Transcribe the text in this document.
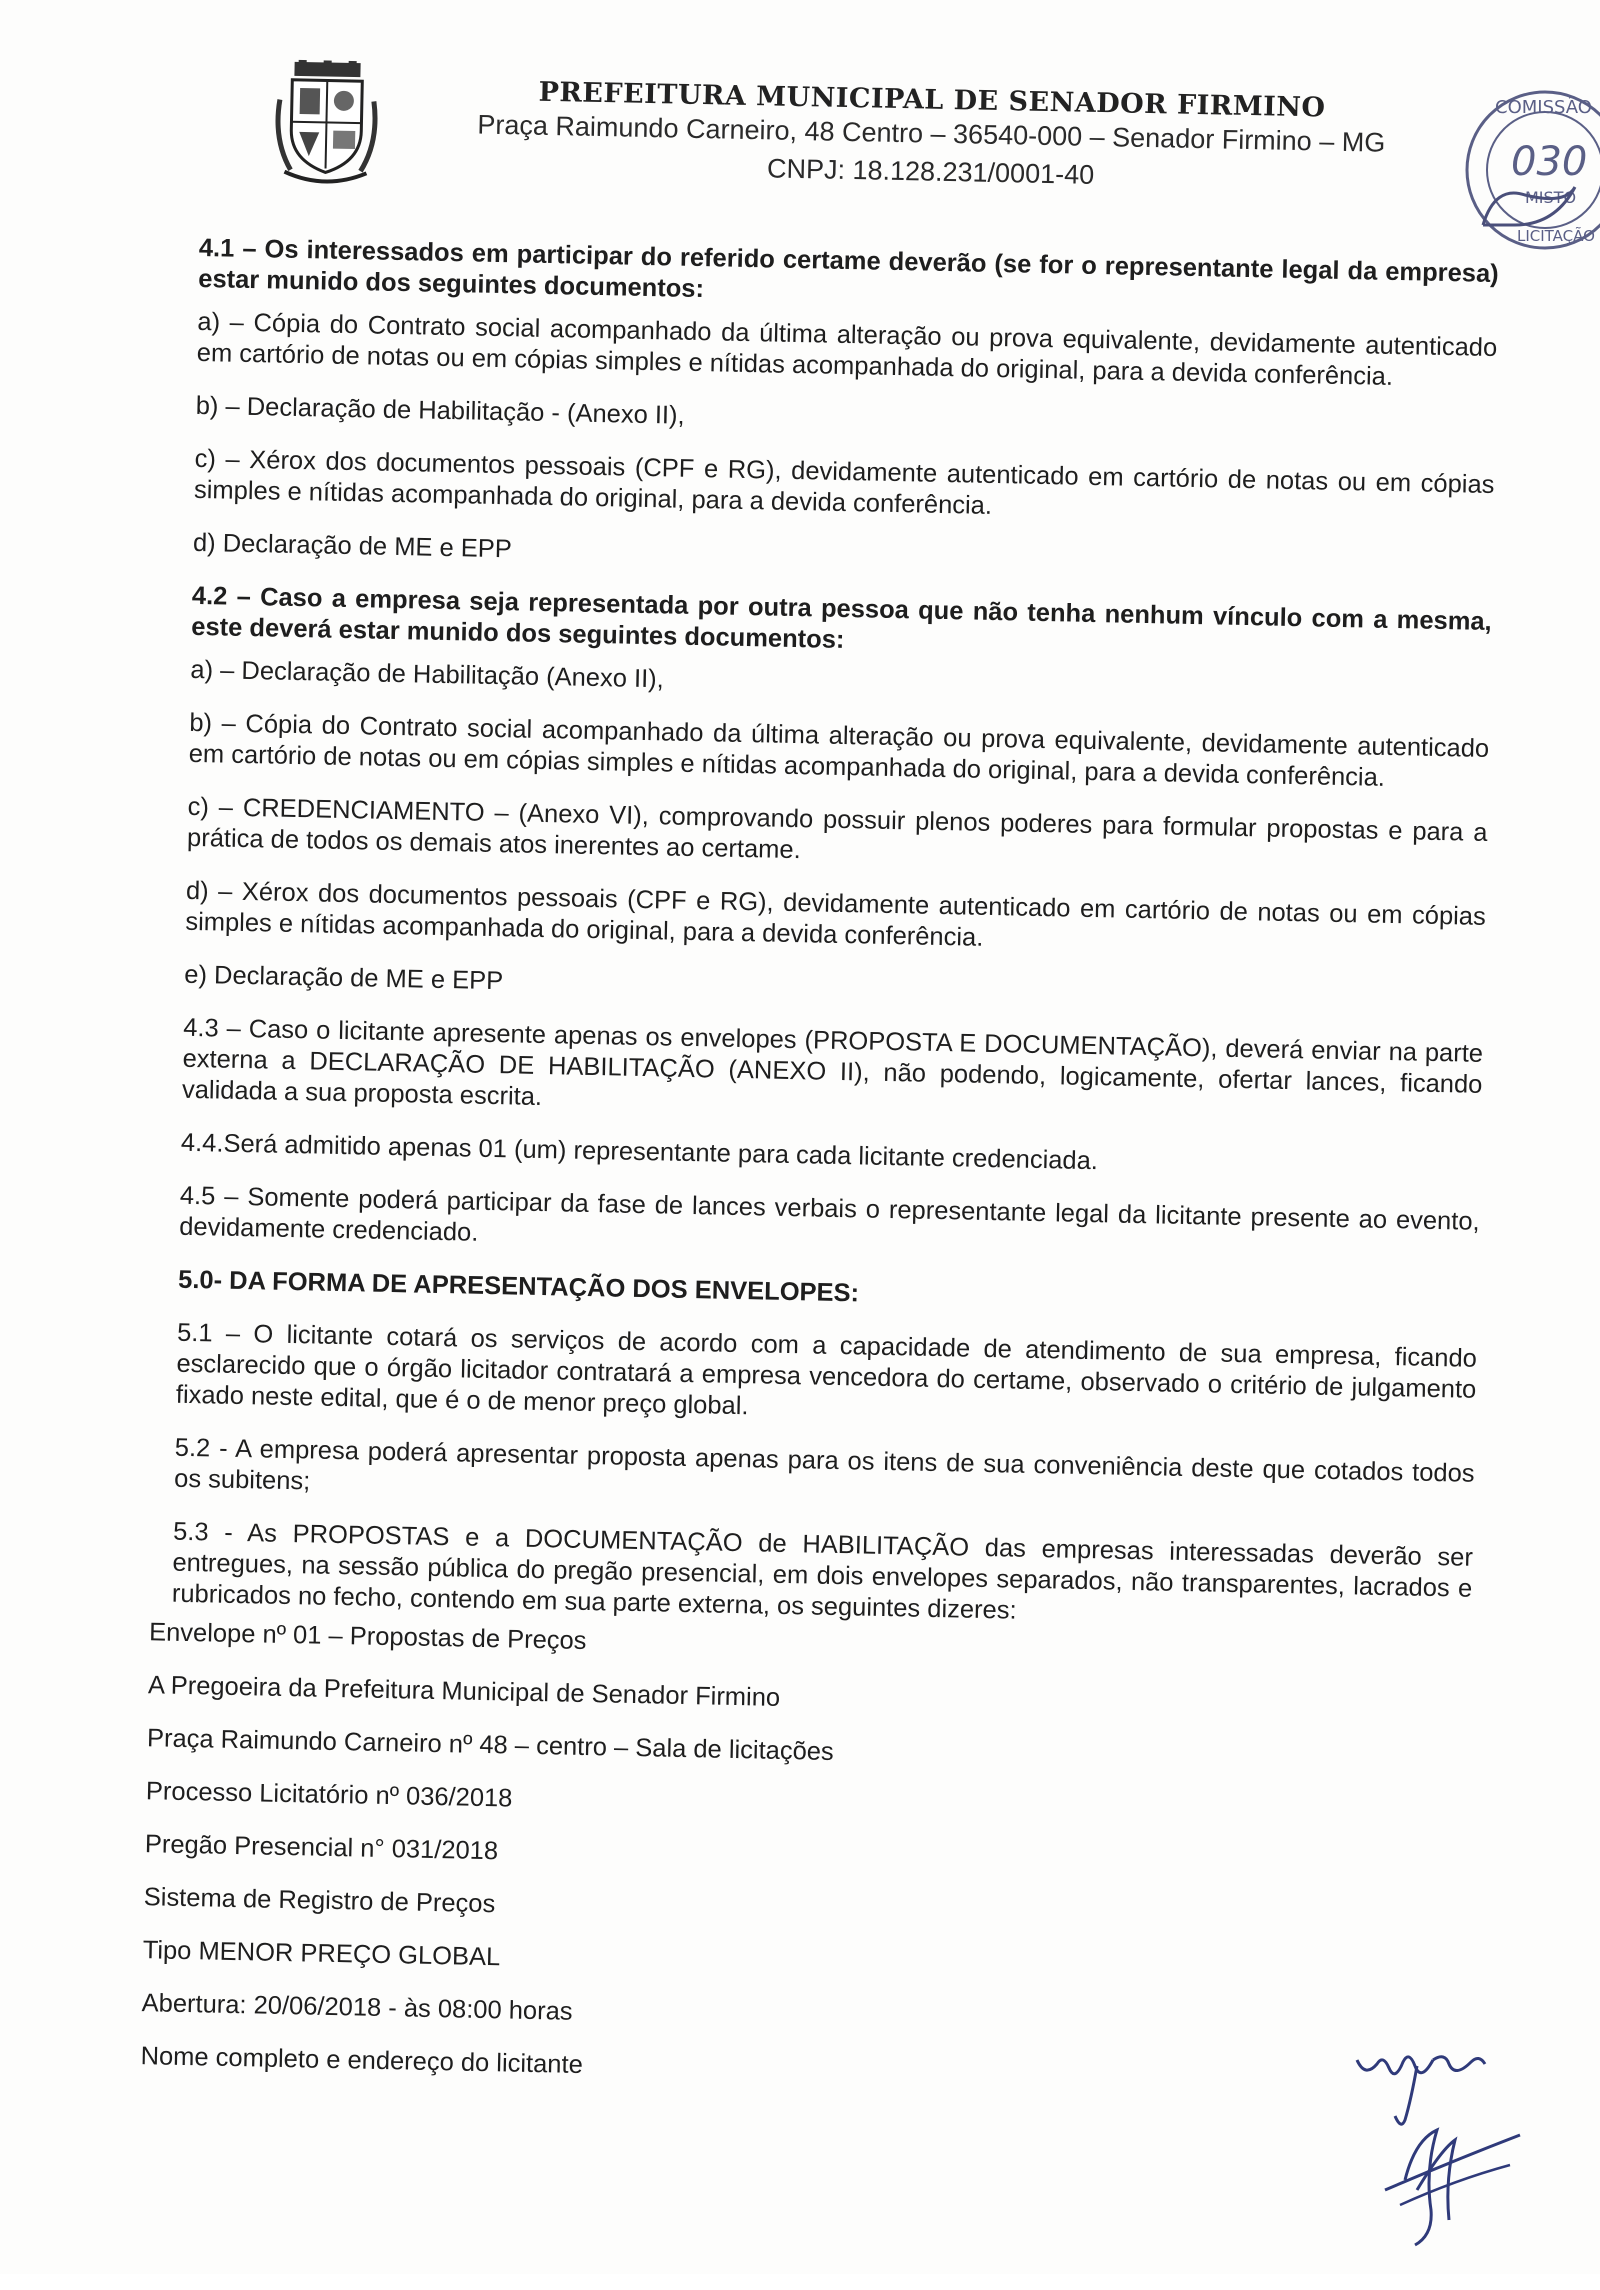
PREFEITURA MUNICIPAL DE SENADOR FIRMINO
Praça Raimundo Carneiro, 48 Centro – 36540-000 – Senador Firmino – MG
CNPJ: 18.128.231/0001-40

4.1 – Os interessados em participar do referido certame deverão (se for o representante legal da empresa) estar munido dos seguintes documentos:

a) – Cópia do Contrato social acompanhado da última alteração ou prova equivalente, devidamente autenticado em cartório de notas ou em cópias simples e nítidas acompanhada do original, para a devida conferência.

b) – Declaração de Habilitação - (Anexo II),

c) – Xérox dos documentos pessoais (CPF e RG), devidamente autenticado em cartório de notas ou em cópias simples e nítidas acompanhada do original, para a devida conferência.

d) Declaração de ME e EPP

4.2 – Caso a empresa seja representada por outra pessoa que não tenha nenhum vínculo com a mesma, este deverá estar munido dos seguintes documentos:

a) – Declaração de Habilitação (Anexo II),

b) – Cópia do Contrato social acompanhado da última alteração ou prova equivalente, devidamente autenticado em cartório de notas ou em cópias simples e nítidas acompanhada do original, para a devida conferência.

c) – CREDENCIAMENTO – (Anexo VI), comprovando possuir plenos poderes para formular propostas e para a prática de todos os demais atos inerentes ao certame.

d) – Xérox dos documentos pessoais (CPF e RG), devidamente autenticado em cartório de notas ou em cópias simples e nítidas acompanhada do original, para a devida conferência.

e) Declaração de ME e EPP

4.3 – Caso o licitante apresente apenas os envelopes (PROPOSTA E DOCUMENTAÇÃO), deverá enviar na parte externa a DECLARAÇÃO DE HABILITAÇÃO (ANEXO II), não podendo, logicamente, ofertar lances, ficando validada a sua proposta escrita.

4.4.Será admitido apenas 01 (um) representante para cada licitante credenciada.

4.5 – Somente poderá participar da fase de lances verbais o representante legal da licitante presente ao evento, devidamente credenciado.

5.0- DA FORMA DE APRESENTAÇÃO DOS ENVELOPES:

5.1 – O licitante cotará os serviços de acordo com a capacidade de atendimento de sua empresa, ficando esclarecido que o órgão licitador contratará a empresa vencedora do certame, observado o critério de julgamento fixado neste edital, que é o de menor preço global.

5.2 - A empresa poderá apresentar proposta apenas para os itens de sua conveniência deste que cotados todos os subitens;

5.3 - As PROPOSTAS e a DOCUMENTAÇÃO de HABILITAÇÃO das empresas interessadas deverão ser entregues, na sessão pública do pregão presencial, em dois envelopes separados, não transparentes, lacrados e rubricados no fecho, contendo em sua parte externa, os seguintes dizeres:

Envelope nº 01 – Propostas de Preços

A Pregoeira da Prefeitura Municipal de Senador Firmino

Praça Raimundo Carneiro nº 48 – centro – Sala de licitações

Processo Licitatório nº 036/2018

Pregão Presencial n° 031/2018

Sistema de Registro de Preços

Tipo MENOR PREÇO GLOBAL

Abertura: 20/06/2018 - às 08:00 horas

Nome completo e endereço do licitante

COMISSÃO
030
MISTO
LICITAÇÃO
